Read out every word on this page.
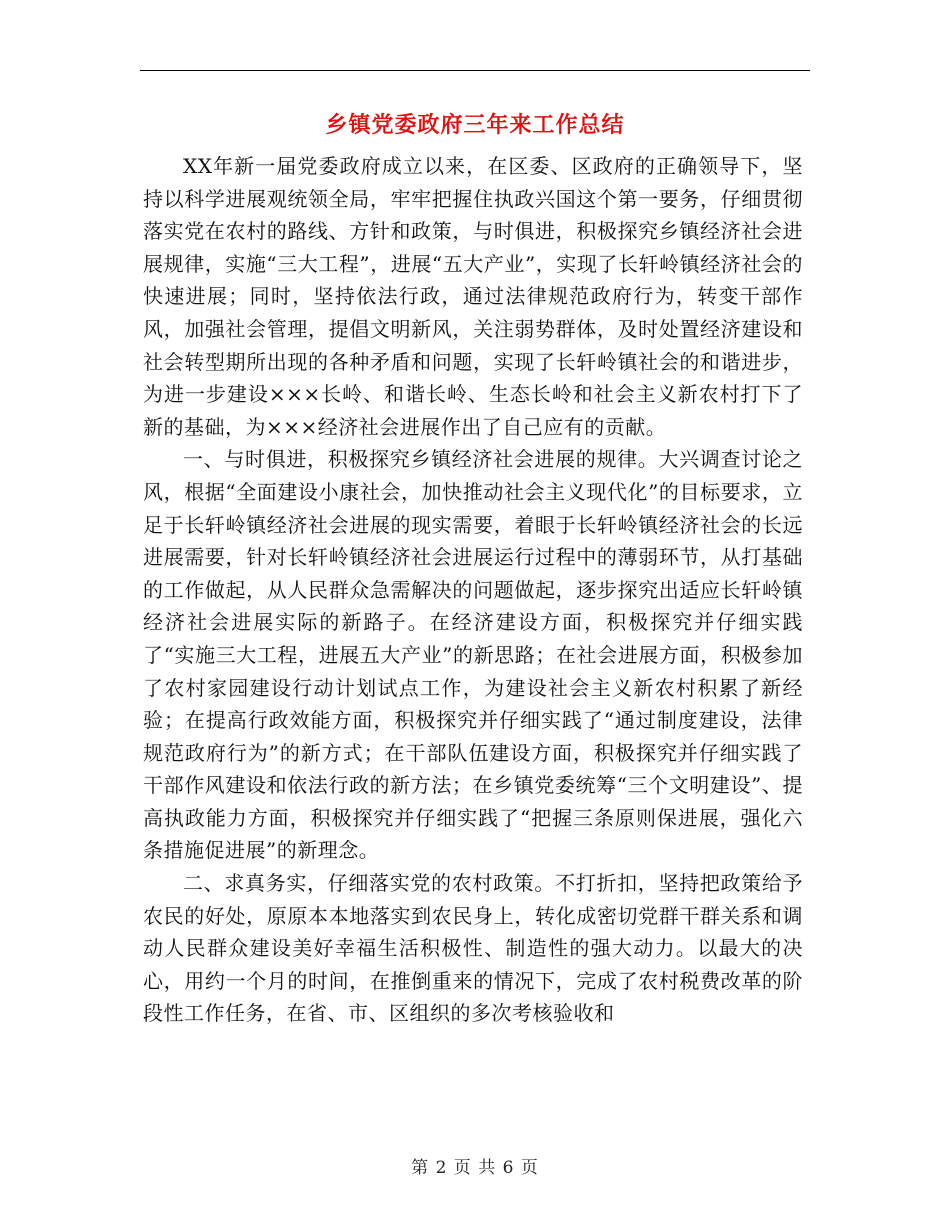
乡镇党委政府三年来工作总结

XX年新一届党委政府成立以来，在区委、区政府的正确领导下，坚持以科学进展观统领全局，牢牢把握住执政兴国这个第一要务，仔细贯彻落实党在农村的路线、方针和政策，与时俱进，积极探究乡镇经济社会进展规律，实施“三大工程”，进展“五大产业”，实现了长轩岭镇经济社会的快速进展；同时，坚持依法行政，通过法律规范政府行为，转变干部作风，加强社会管理，提倡文明新风，关注弱势群体，及时处置经济建设和社会转型期所出现的各种矛盾和问题，实现了长轩岭镇社会的和谐进步，为进一步建设×××长岭、和谐长岭、生态长岭和社会主义新农村打下了新的基础，为×××经济社会进展作出了自己应有的贡献。

一、与时俱进，积极探究乡镇经济社会进展的规律。大兴调查讨论之风，根据“全面建设小康社会，加快推动社会主义现代化”的目标要求，立足于长轩岭镇经济社会进展的现实需要，着眼于长轩岭镇经济社会的长远进展需要，针对长轩岭镇经济社会进展运行过程中的薄弱环节，从打基础的工作做起，从人民群众急需解决的问题做起，逐步探究出适应长轩岭镇经济社会进展实际的新路子。在经济建设方面，积极探究并仔细实践了“实施三大工程，进展五大产业”的新思路；在社会进展方面，积极参加了农村家园建设行动计划试点工作，为建设社会主义新农村积累了新经验；在提高行政效能方面，积极探究并仔细实践了“通过制度建设，法律规范政府行为”的新方式；在干部队伍建设方面，积极探究并仔细实践了干部作风建设和依法行政的新方法；在乡镇党委统筹“三个文明建设”、提高执政能力方面，积极探究并仔细实践了“把握三条原则保进展，强化六条措施促进展”的新理念。

二、求真务实，仔细落实党的农村政策。不打折扣，坚持把政策给予农民的好处，原原本本地落实到农民身上，转化成密切党群干群关系和调动人民群众建设美好幸福生活积极性、制造性的强大动力。以最大的决心，用约一个月的时间，在推倒重来的情况下，完成了农村税费改革的阶段性工作任务，在省、市、区组织的多次考核验收和

第 2 页 共 6 页
